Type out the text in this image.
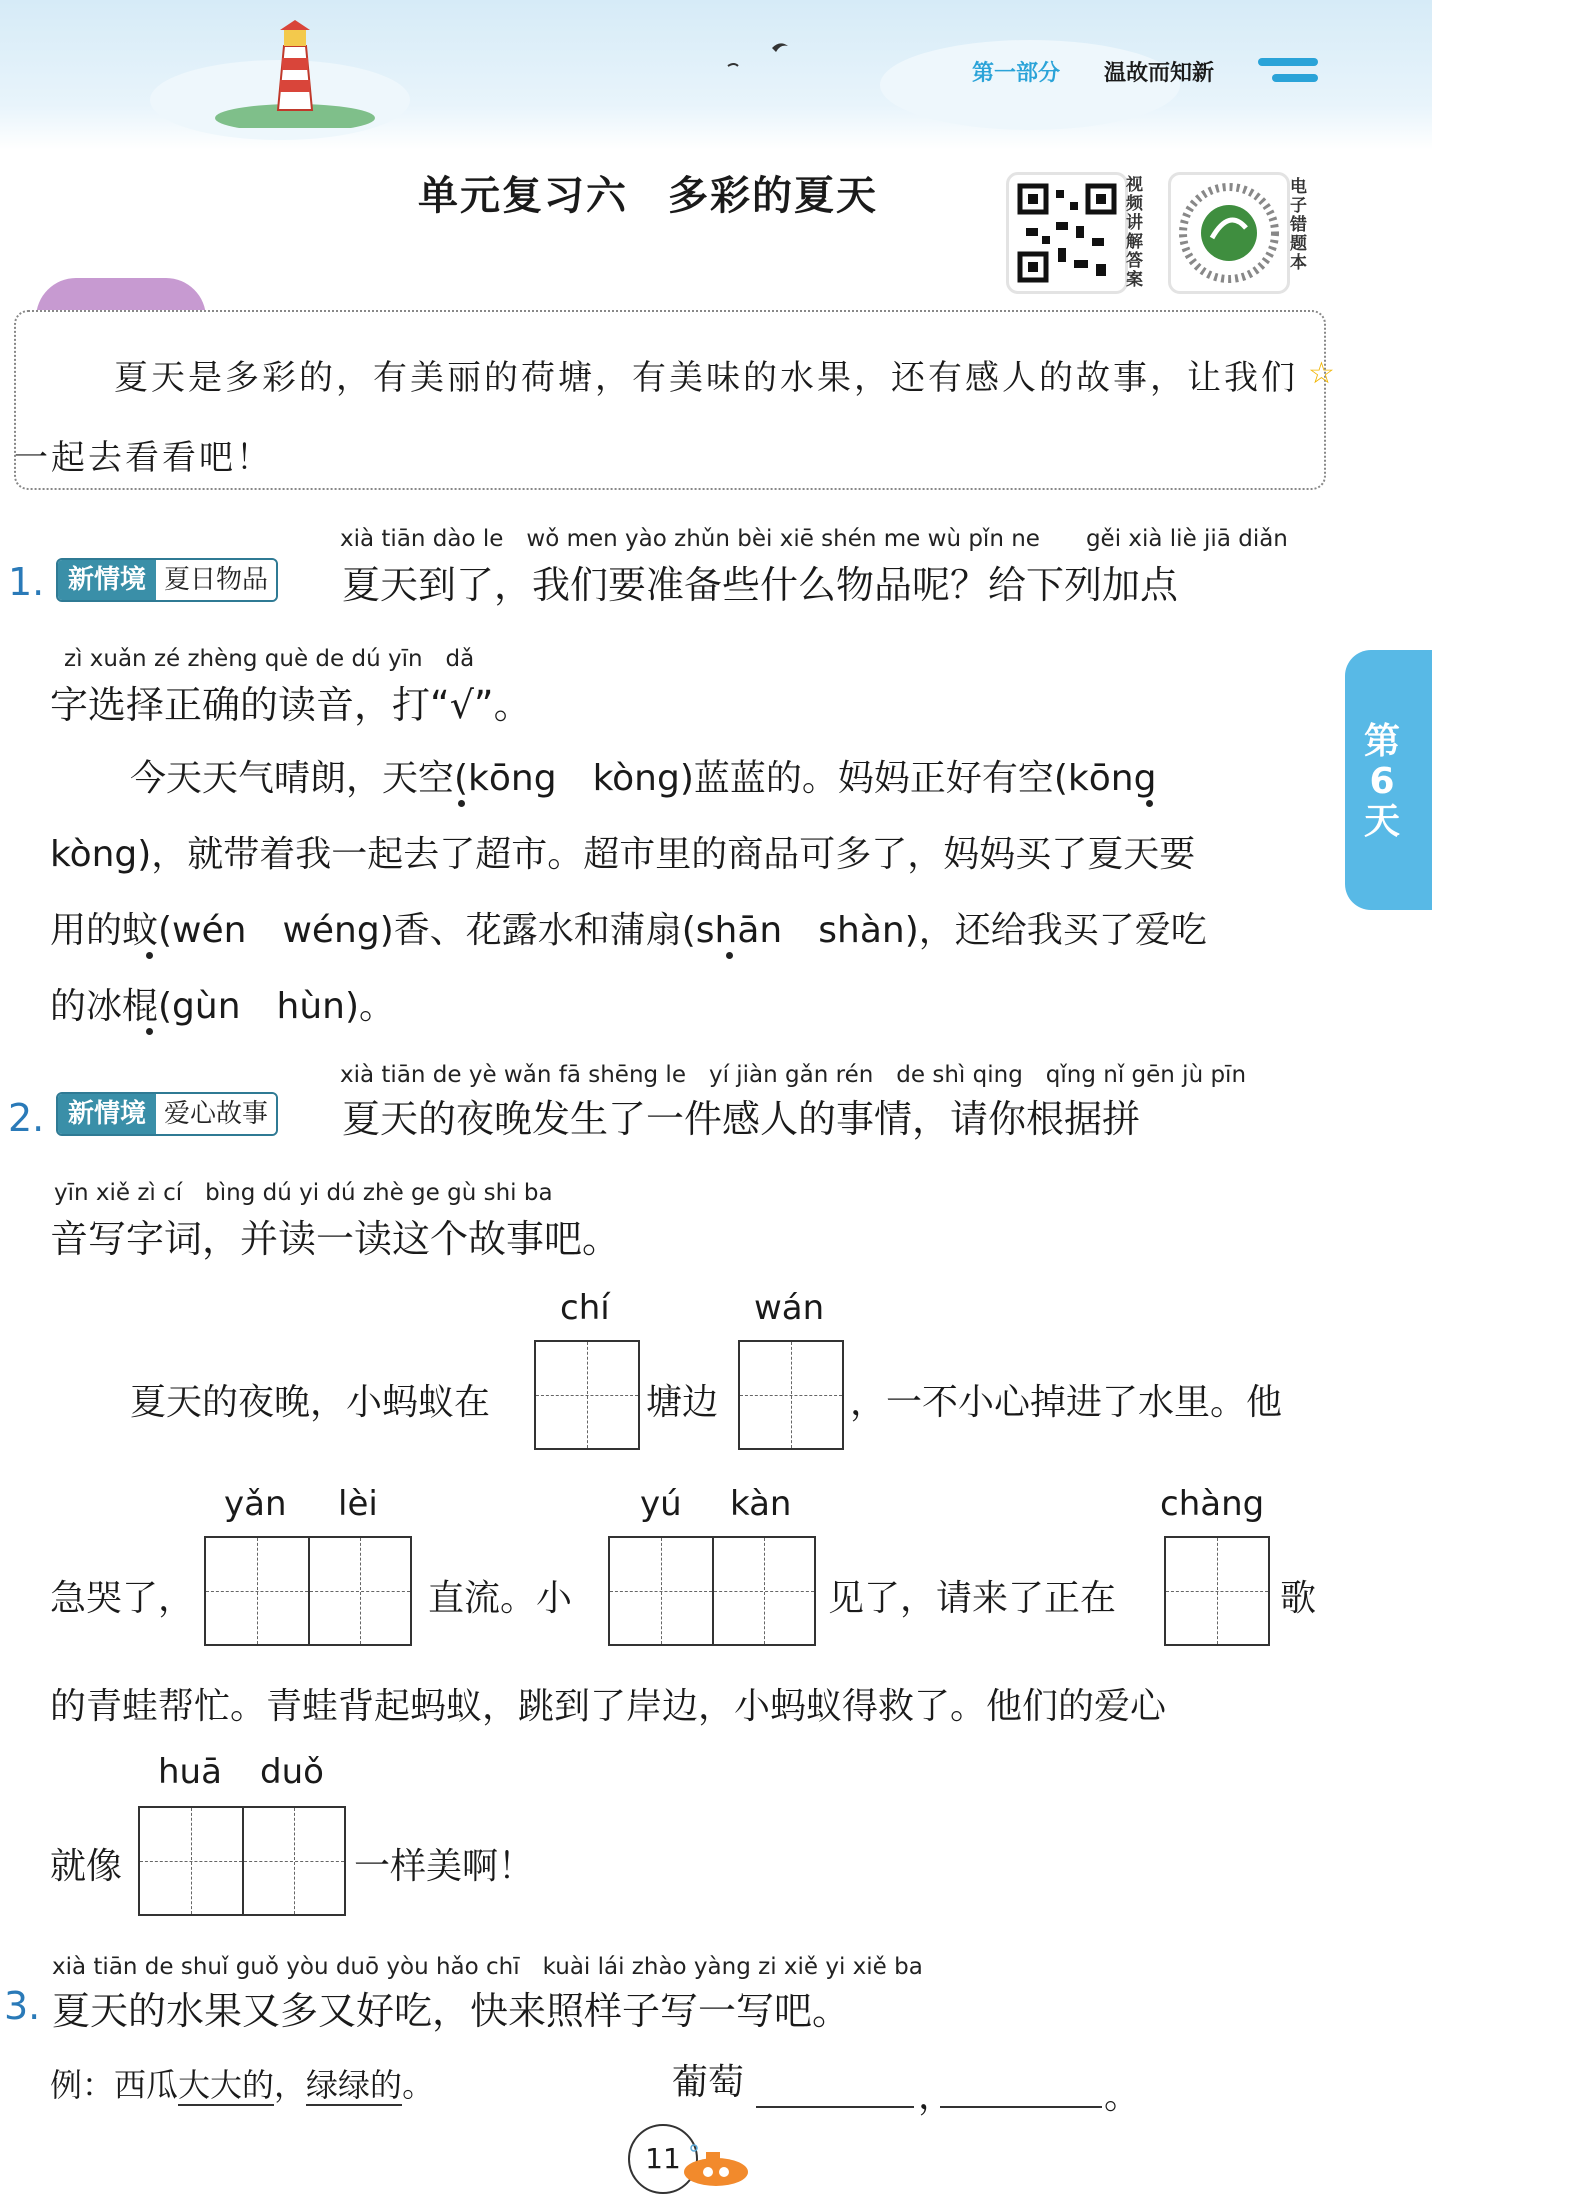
第一部分 温故而知新
单元复习六 多彩的夏天	视频讲解答案
电子错题本
夏天是多彩的，有美丽的荷塘，有美味的水果，还有感人的故事，让我们一起去看看吧！
☆
第6天
xià tiān dào le　wǒ men yào zhǔn bèi xiē shén me wù pǐn ne　　gěi xià liè jiā diǎn
1. 新情境 夏日物品 夏天到了，我们要准备些什么物品呢？给下列加点
zì xuǎn zé zhèng què de dú yīn　dǎ
字选择正确的读音，打“√”。
今天天气晴朗，天空(kōng　kòng)蓝蓝的。妈妈正好有空(kōng
kòng)，就带着我一起去了超市。超市里的商品可多了，妈妈买了夏天要
用的蚊(wén　wéng)香、花露水和蒲扇(shān　shàn)，还给我买了爱吃
的冰棍(gùn　hùn)。
xià tiān de yè wǎn fā shēng le　yí jiàn gǎn rén　de shì qing　qǐng nǐ gēn jù pīn
2. 新情境 爱心故事 夏天的夜晚发生了一件感人的事情，请你根据拼
yīn xiě zì cí　bìng dú yi dú zhè ge gù shi ba
音写字词，并读一读这个故事吧。
chí	wán
夏天的夜晚，小蚂蚁在	塘边	，一不小心掉进了水里。他
yǎn lèi	yú kàn	chàng
急哭了，	直流。小	见了，请来了正在	歌
的青蛙帮忙。青蛙背起蚂蚁，跳到了岸边，小蚂蚁得救了。他们的爱心
huā duǒ
就像	一样美啊！
xià tiān de shuǐ guǒ yòu duō yòu hǎo chī　kuài lái zhào yàng zi xiě yi xiě ba
3. 夏天的水果又多又好吃，快来照样子写一写吧。
例：西瓜大大的，绿绿的。	葡萄	，	。
11
